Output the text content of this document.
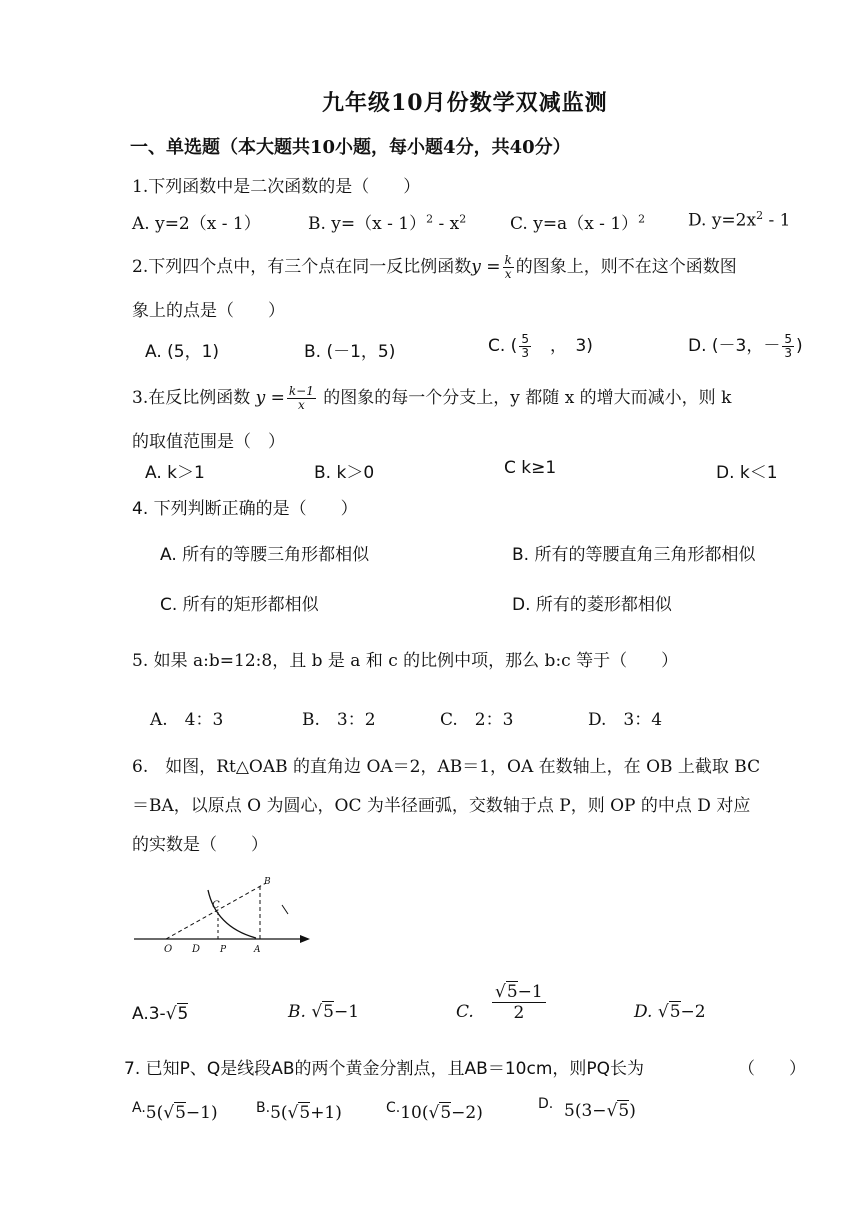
九年级10月份数学双减监测
一、单选题（本大题共10小题，每小题4分，共40分）
1.下列函数中是二次函数的是（　　）
A. y=2（x - 1）	B. $y=(x - 1)^2 - x^2$	C. y=a（x - 1）$^2$	D. $y=2x^2 - 1$
2.下列四个点中，有三个点在同一反比例函数$y = \frac{k}{x}$ 的图象上，则不在这个函数图
象上的点是（　　）
A. (5，1)	B. (－1，5)	C. ( $\frac{5}{3}$ 　，　3)	D. (－3，－ $\frac{5}{3}$ )
3.在反比例函数 $y = \frac{k-1}{x}$ 的图象的每一个分支上，y 都随 x 的增大而减小，则 k
的取值范围是（　）
A. k＞1	B. k＞0	C k≥1	D. k＜1
4. 下列判断正确的是（　　）
A. 所有的等腰三角形都相似	B. 所有的等腰直角三角形都相似
C. 所有的矩形都相似	D. 所有的菱形都相似
5. 如果 a:b=12:8，且 b 是 a 和 c 的比例中项，那么 b:c 等于（　　）
A.　4：3	B.　3：2	C.　2：3	D.　3：4
6.　如图，Rt△OAB 的直角边 OA＝2，AB＝1，OA 在数轴上，在 OB 上截取 BC
＝BA，以原点 O 为圆心，OC 为半径画弧，交数轴于点 P，则 OP 的中点 D 对应
的实数是（　　）
O D P	A
B
C
A.3-√5	B. √5−1	C.
√5−1
2	D. √5−2
7. 已知P、Q是线段AB的两个黄金分割点，且AB＝10cm，则PQ长为	（　　）
$^{A.}$5(√5−1)	$^{B.}$5(√5+1)	$^{C.}$10(√5−2)	$^{D.}$ 5(3−√5)
